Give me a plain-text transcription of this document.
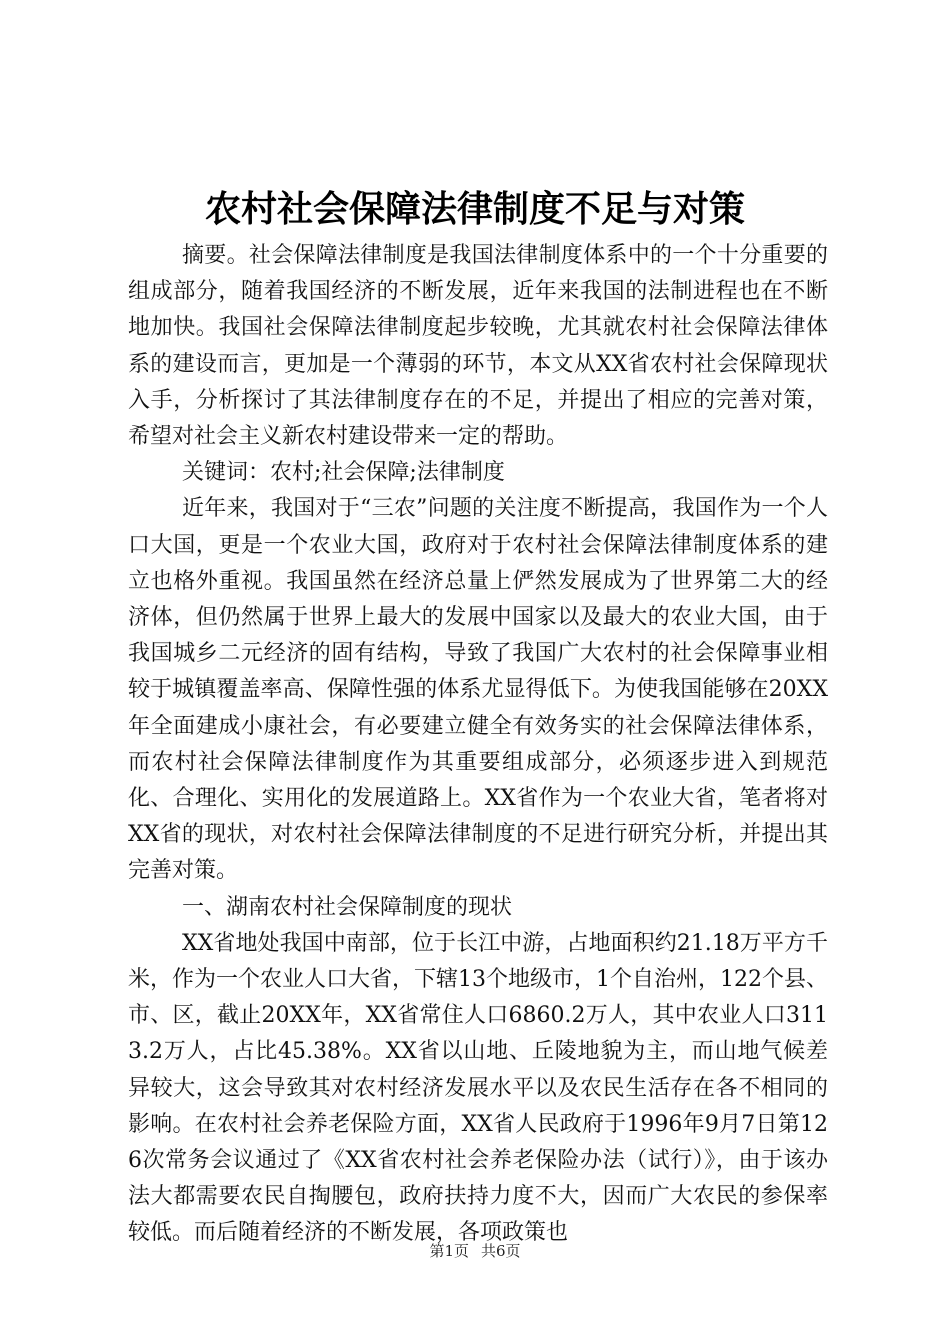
农村社会保障法律制度不足与对策

摘要。社会保障法律制度是我国法律制度体系中的一个十分重要的组成部分，随着我国经济的不断发展，近年来我国的法制进程也在不断地加快。我国社会保障法律制度起步较晚，尤其就农村社会保障法律体系的建设而言，更加是一个薄弱的环节，本文从XX省农村社会保障现状入手，分析探讨了其法律制度存在的不足，并提出了相应的完善对策，希望对社会主义新农村建设带来一定的帮助。

关键词：农村;社会保障;法律制度

近年来，我国对于“三农”问题的关注度不断提高，我国作为一个人口大国，更是一个农业大国，政府对于农村社会保障法律制度体系的建立也格外重视。我国虽然在经济总量上俨然发展成为了世界第二大的经济体，但仍然属于世界上最大的发展中国家以及最大的农业大国，由于我国城乡二元经济的固有结构，导致了我国广大农村的社会保障事业相较于城镇覆盖率高、保障性强的体系尤显得低下。为使我国能够在20XX年全面建成小康社会，有必要建立健全有效务实的社会保障法律体系，而农村社会保障法律制度作为其重要组成部分，必须逐步进入到规范化、合理化、实用化的发展道路上。XX省作为一个农业大省，笔者将对XX省的现状，对农村社会保障法律制度的不足进行研究分析，并提出其完善对策。

一、湖南农村社会保障制度的现状

XX省地处我国中南部，位于长江中游，占地面积约21.18万平方千米，作为一个农业人口大省，下辖13个地级市，1个自治州，122个县、市、区，截止20XX年，XX省常住人口6860.2万人，其中农业人口3113.2万人，占比45.38%。XX省以山地、丘陵地貌为主，而山地气候差异较大，这会导致其对农村经济发展水平以及农民生活存在各不相同的影响。在农村社会养老保险方面，XX省人民政府于1996年9月7日第126次常务会议通过了《XX省农村社会养老保险办法（试行）》，由于该办法大都需要农民自掏腰包，政府扶持力度不大，因而广大农民的参保率较低。而后随着经济的不断发展，各项政策也

第1页 共6页
